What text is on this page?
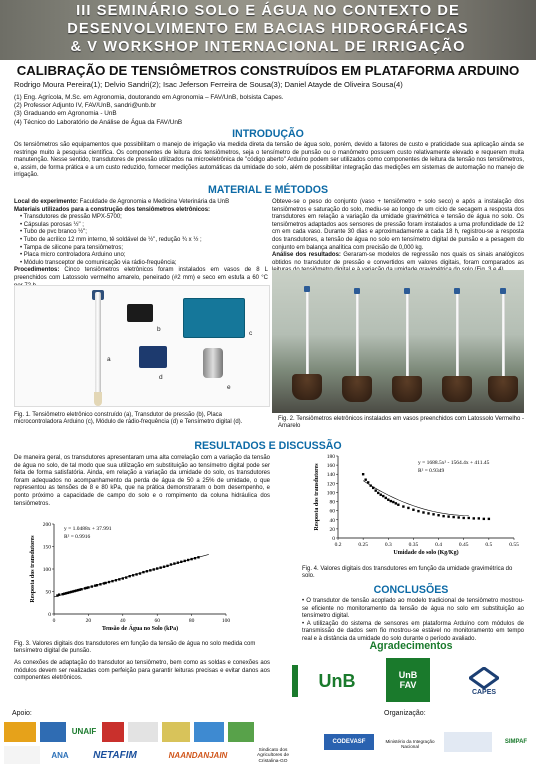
III SEMINÁRIO SOLO E ÁGUA NO CONTEXTO DE
DESENVOLVIMENTO EM BACIAS HIDROGRÁFICAS
& V WORKSHOP INTERNACIONAL DE IRRIGAÇÃO
CALIBRAÇÃO DE TENSIÔMETROS CONSTRUÍDOS EM PLATAFORMA ARDUINO
Rodrigo Moura Pereira(1); Delvio Sandri(2); Isac Jeferson Ferreira de Sousa(3); Daniel Atayde de Oliveira Sousa(4)
(1) Eng. Agrícola, M.Sc. em Agronomia, doutorando em Agronomia – FAV/UnB, bolsista Capes.
(2) Professor Adjunto IV, FAV/UnB, sandri@unb.br
(3) Graduando em Agronomia - UnB
(4) Técnico do Laboratório de Análise de Água da FAV/UnB
INTRODUÇÃO
Os tensiômetros são equipamentos que possibilitam o manejo de irrigação via medida direta da tensão de água solo, porém, devido a fatores de custo e praticidade sua aplicação ainda se restringe muito à pesquisa científica. Os componentes de leitura dos tensiômetros, seja o tensímetro de punsão ou o manômetro possuem custo relativamente elevado e requerem muita manutenção. Nesse sentido, transdutores de pressão utilizados na microeletrônica de "código aberto" Arduíno podem ser utilizados como componentes de leitura da tensão nos tensiômetros, e, assim, de forma prática e a um custo reduzido, fornecer medições automáticas da umidade do solo, além de possibilitar integração das medições em sistemas de automação no manejo de irrigação.
MATERIAL E MÉTODOS
Local do experimento: Faculdade de Agronomia e Medicina Veterinária da UnB
Materiais utilizados para a construção dos tensiômetros eletrônicos:
• Transdutores de pressão MPX-5700;
• Cápsulas porosas ½" ;
• Tubo de pvc branco ½";
• Tubo de acrílico 12 mm interno, tê soldável de ½", redução ¾ x ½ ;
• Tampa de silicone para tensiômetros;
• Placa micro controladora Arduino uno;
• Módulo transceptor de comunicação via rádio-frequência;
Procedimentos: Cinco tensiômetros eletrônicos foram instalados em vasos de 8 L preenchidos com Latossolo vermelho amarelo, peneirado (#2 mm) e seco em estufa a 60 °C
Obteve-se o peso do conjunto (vaso + tensiômetro + solo seco) e após a instalação dos tensiômetros e saturação do solo, mediu-se ao longo de um ciclo de secagem a resposta dos transdutores em relação a variação da umidade gravimétrica e tensão de água no solo. Os tensiômetros adaptados aos sensores de pressão foram instalados a uma profundidade de 12 cm em cada vaso. Durante 30 dias e aproximadamente a cada 18 h, registrou-se a resposta dos transdutores, a tensão de água no solo em tensímetro digital de punsão e a pesagem do conjunto em balança analítica com precisão de 0,000 kg.
Análise dos resultados: Geraram-se modelos de regressão nos quais os sinais analógicos obtidos no transdutor de pressão e convertidos em valores digitais, foram comparados as
a
b
c
d
e
Fig. 1. Tensiômetro eletrônico construído (a), Transdutor de pressão (b), Placa microcontroladora Arduino (c), Módulo de rádio-frequência (d) e Tensímetro digital (d).
Fig. 2. Tensiômetros eletrônicos instalados em vasos preenchidos com Latossolo Vermelho - Amarelo
RESULTADOS E DISCUSSÃO
De maneira geral, os transdutores apresentaram uma alta correlação com a variação da tensão de água no solo, de tal modo que sua utilização em substituição ao tensímetro digital pode ser feita de forma satisfatória. Ainda, em relação a variação da umidade do solo, os transdutores foram adequados no acompanhamento da perda de água de 50 a 25% de umidade, o que representou as tensões de 8 e 80 kPa, que na prática demonstraram o bom desempenho, e ponto próximo a capacidade de campo do solo e o rompimento da coluna hidráulica dos tensiômetros.
0	20	40	60	80	100
0
50
100
150
200
Tensão de Água no Solo (kPa)
Resposta dos transdutores
y = 1.0488x + 37.991
R² = 0.9916
Fig. 3. Valores digitais dos transdutores em função da tensão de água no solo medida com tensímetro digital de punsão.
As conexões de adaptação do transdutor ao tensiômetro, bem como as soldas e conexões aos módulos devem ser realizadas com perfeição para garantir leituras precisas e evitar danos aos componentes eletrônicos.
0.2	0.25	0.3	0.35	0.4	0.45	0.5	0.55
0
20
40
60
80
100
120
140
160
180
Umidade do solo (Kg/Kg)
Resposta dos transdutores
y = 1688.5x² - 1564.4x + 411.45
R² = 0.9349
Fig. 4. Valores digitais dos transdutores em função da umidade gravimétrica do solo.
CONCLUSÕES
• O transdutor de tensão acoplado ao modelo tradicional de tensiômetro mostrou-se eficiente no monitoramento da tensão de água no solo em substituição ao tensímetro digital.
• A utilização do sistema de sensores em plataforma Arduíno com módulos de transmissão de dados sem fio mostrou-se estável no monitoramento em tempo real e à distância da umidade do solo durante o período avaliado.
Agradecimentos
UnB	UnB
FAV
CAPES
Apoio:	Organização:
UNAIF
ANA	NETAFIM	NAANDANJAIN
Sindicato dos Agricultores de Cristalina-GO
CODEVASF	Ministério da Integração Nacional
SIMPAF
